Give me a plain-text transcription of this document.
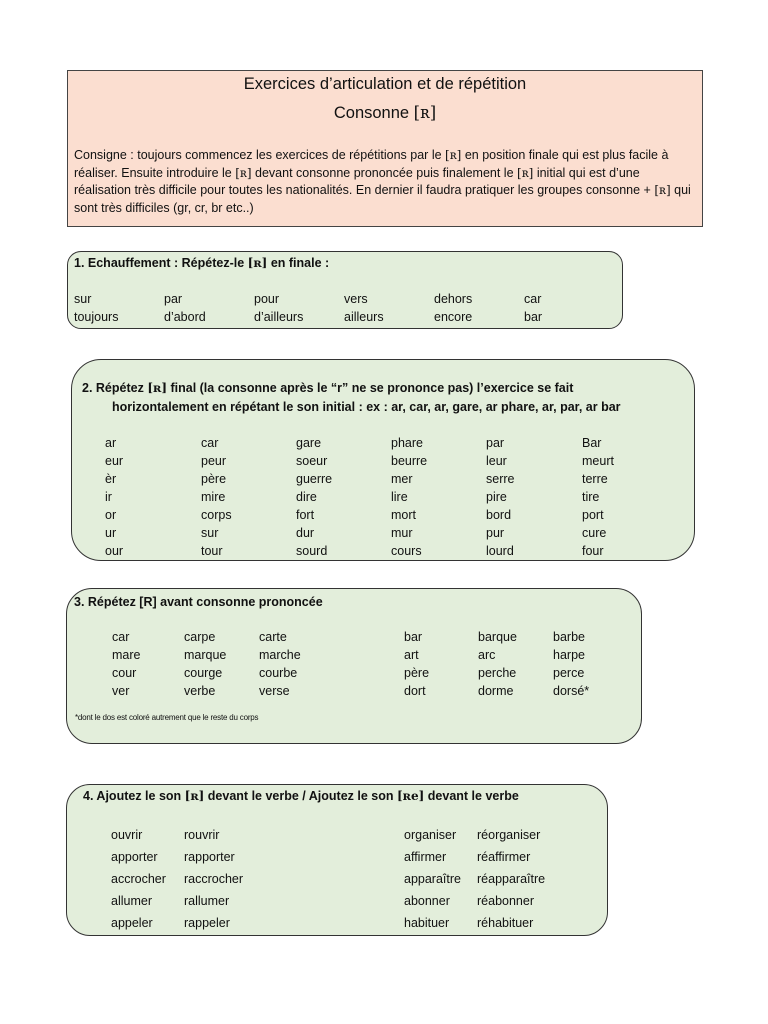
Exercices d’articulation et de répétition
Consonne [ʀ]
Consigne : toujours commencez les exercices de répétitions par le [ʀ] en position finale qui est plus facile à réaliser. Ensuite introduire le [ʀ] devant consonne prononcée puis finalement le [ʀ] initial qui est d’une réalisation très difficile pour toutes les nationalités. En dernier il faudra pratiquer les groupes consonne + [ʀ] qui sont très difficiles (gr, cr, br etc..)
1. Echauffement : Répétez-le [ʀ] en finale :
sur
toujours
par
d’abord
pour
d’ailleurs
vers
ailleurs
dehors
encore
car
bar
2. Répétez [ʀ] final (la consonne après le “r” ne se prononce pas) l’exercice se fait
horizontalement en répétant le son initial : ex : ar, car, ar, gare, ar phare, ar, par, ar bar
ar
eur
èr
ir
or
ur
our
car
peur
père
mire
corps
sur
tour
gare
soeur
guerre
dire
fort
dur
sourd
phare
beurre
mer
lire
mort
mur
cours
par
leur
serre
pire
bord
pur
lourd
Bar
meurt
terre
tire
port
cure
four
3. Répétez [R] avant consonne prononcée
car
mare
cour
ver
carpe
marque
courge
verbe
carte
marche
courbe
verse
bar
art
père
dort
barque
arc
perche
dorme
barbe
harpe
perce
dorsé*
*dont le dos est coloré autrement que le reste du corps
4. Ajoutez le son [ʀ] devant le verbe / Ajoutez le son [ʀe] devant le verbe
ouvrir
apporter
accrocher
allumer
appeler
rouvrir
rapporter
raccrocher
rallumer
rappeler
organiser
affirmer
apparaître
abonner
habituer
réorganiser
réaffirmer
réapparaître
réabonner
réhabituer
